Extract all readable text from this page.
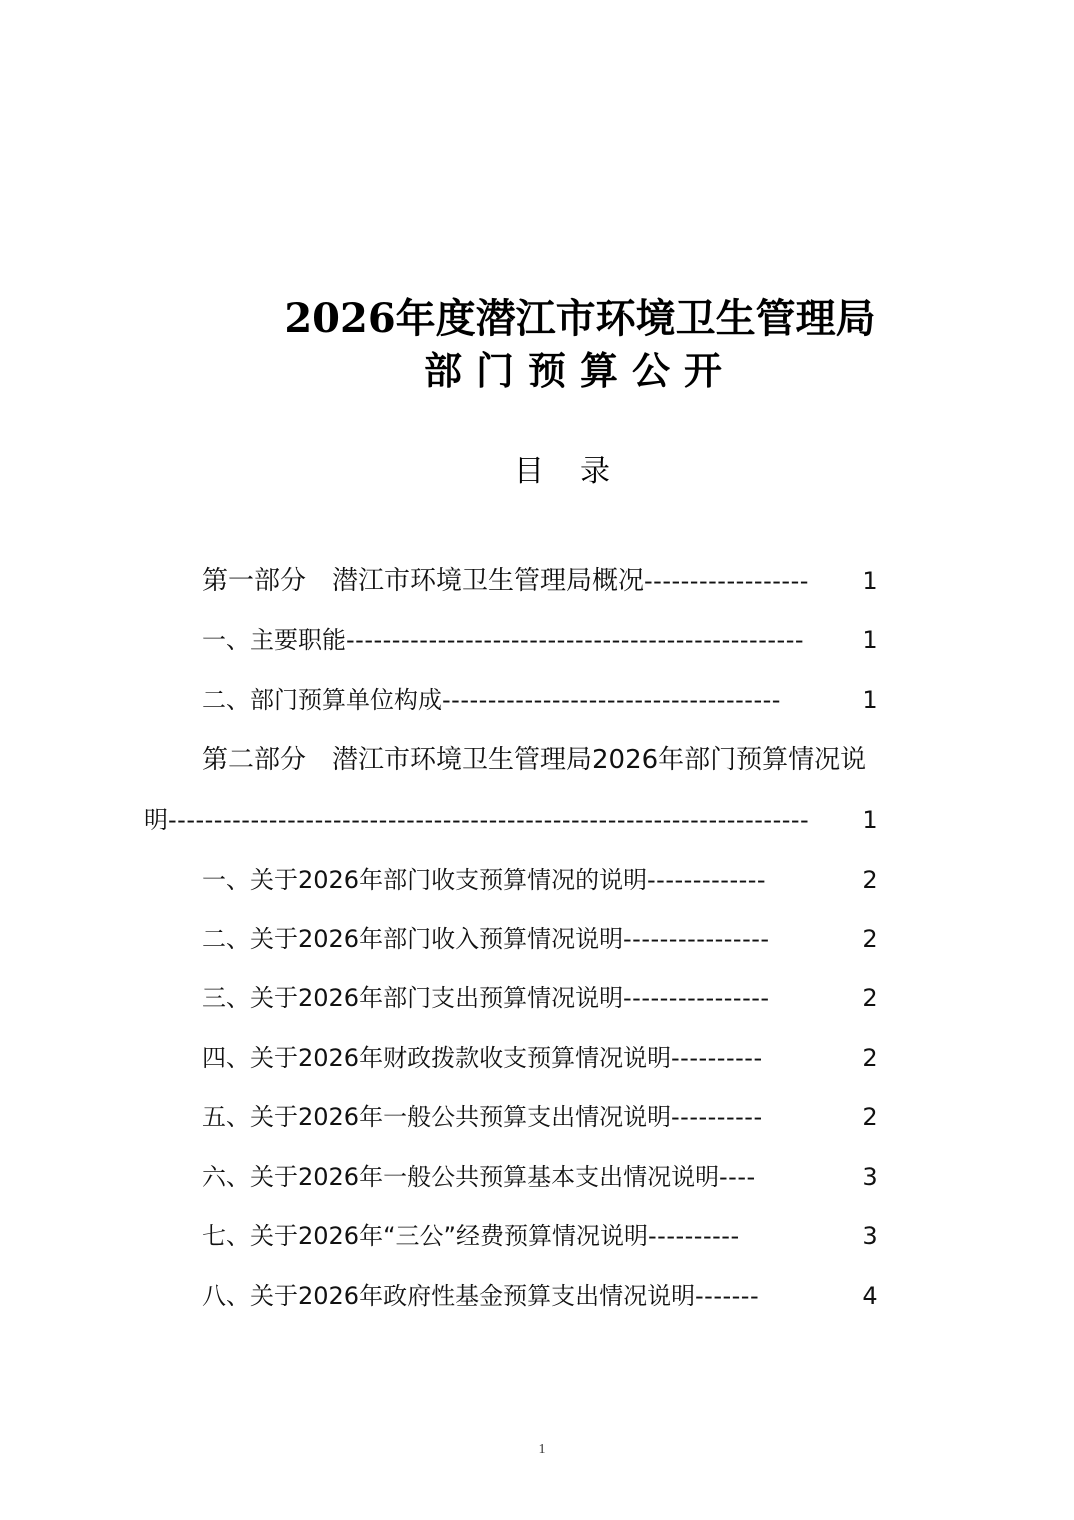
2026年度潜江市环境卫生管理局
部门预算公开
目录
第一部分　潜江市环境卫生管理局概况 ------------------	1
一、主要职能 --------------------------------------------------	1
二、部门预算单位构成 -------------------------------------	1
第二部分　潜江市环境卫生管理局2026年部门预算情况说
明 ----------------------------------------------------------------------	1
一、关于2026年部门收支预算情况的说明 -------------	2
二、关于2026年部门收入预算情况说明 ----------------	2
三、关于2026年部门支出预算情况说明 ----------------	2
四、关于2026年财政拨款收支预算情况说明 ----------	2
五、关于2026年一般公共预算支出情况说明 ----------	2
六、关于2026年一般公共预算基本支出情况说明 ----	3
七、关于2026年“三公”经费预算情况说明 ----------	3
八、关于2026年政府性基金预算支出情况说明 -------	4
1
